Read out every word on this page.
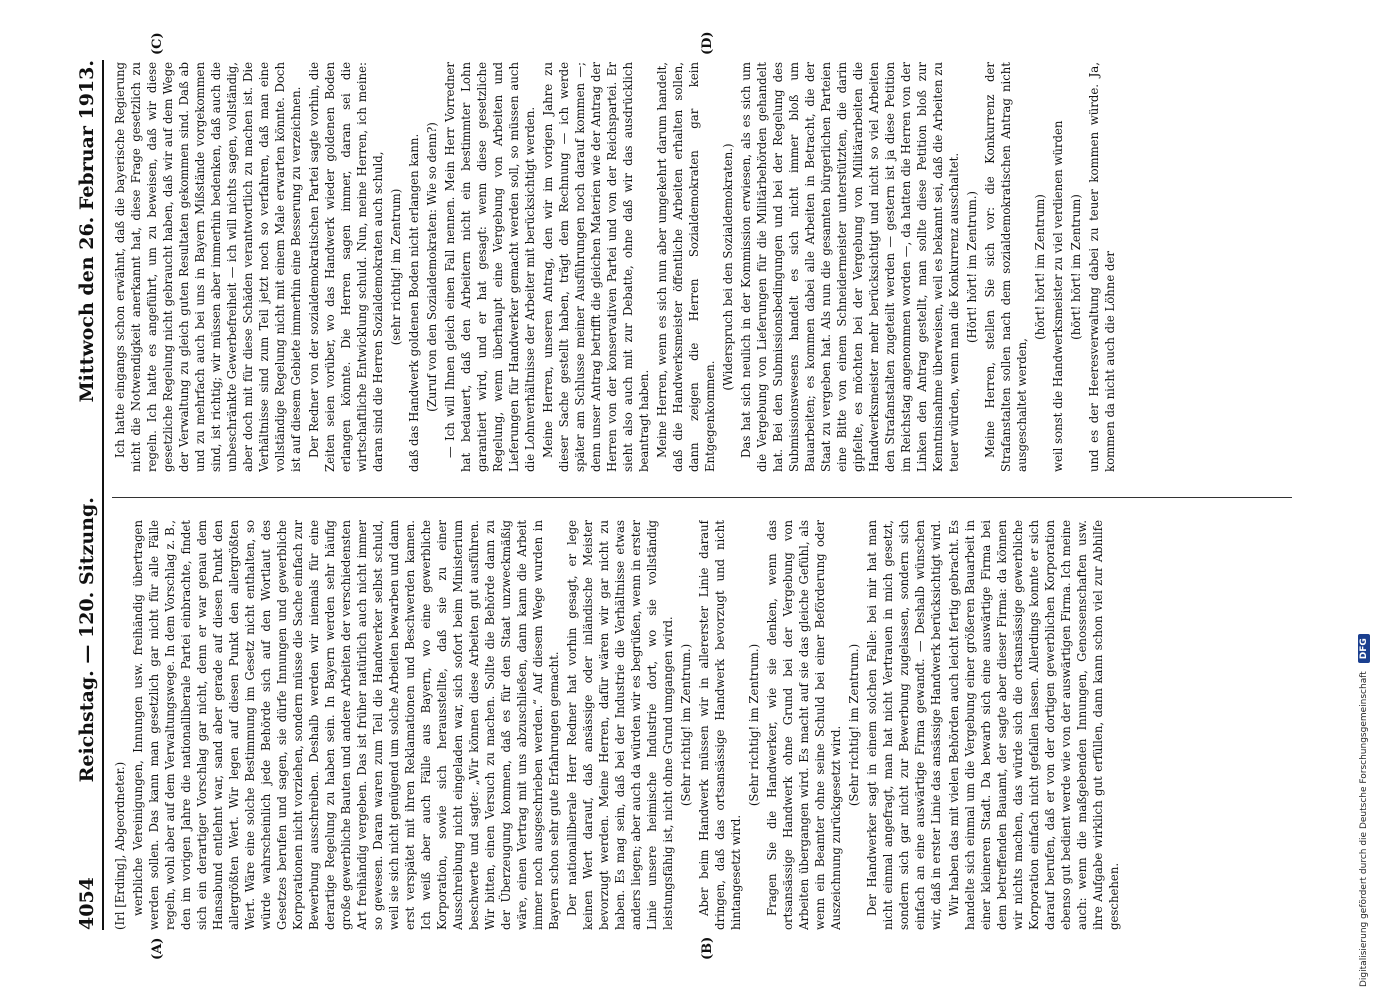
4054
Reichstag. — 120. Sitzung.
Mittwoch den 26. Februar 1913.
(A)	(B)
(C)	(D)

(Irl [Erding], Abgeordneter.) werbliche Vereinigungen, Innungen usw. freihändig übertragen werden sollen. Das kann man gesetzlich gar nicht für alle Fälle regeln, wohl aber auf dem Verwaltungswege. In dem Vorschlag z. B., den im vorigen Jahre die nationalliberale Partei einbrachte, findet sich ein derartiger Vorschlag gar nicht, denn er war genau dem Hansabund entlehnt war, sand aber gerade auf diesen Punkt den allergrößten Wert. Wir legen auf diesen Punkt den allergrößten Wert. Wäre eine solche Bestimmung im Gesetz nicht enthalten, so würde wahrscheinlich jede Behörde sich auf den Wortlaut des Gesetzes berufen und sagen, sie dürfe Innungen und gewerbliche Korporationen nicht vorziehen, sondern müsse die Sache einfach zur Bewerbung ausschreiben. Deshalb werden wir niemals für eine derartige Regelung zu haben sein. In Bayern werden sehr häufig große gewerbliche Bauten und andere Arbeiten der verschiedensten Art freihändig vergeben. Das ist früher natürlich auch nicht immer so gewesen. Daran waren zum Teil die Handwerker selbst schuld, weil sie sich nicht genügend um solche Arbeiten bewarben und dann erst verspätet mit ihren Reklamationen und Beschwerden kamen. Ich weiß aber auch Fälle aus Bayern, wo eine gewerbliche Korporation, sowie sich herausstellte, daß sie zu einer Ausschreibung nicht eingeladen war, sich sofort beim Ministerium beschwerte und sagte: „Wir können diese Arbeiten gut ausführen. Wir bitten, einen Versuch zu machen. Sollte die Behörde dann zu der Überzeugung kommen, daß es für den Staat unzweckmäßig wäre, einen Vertrag mit uns abzuschließen, dann kann die Arbeit immer noch ausgeschrieben werden.“ Auf diesem Wege wurden in Bayern schon sehr gute Erfahrungen gemacht. Der nationalliberale Herr Redner hat vorhin gesagt, er lege keinen Wert darauf, daß ansässige oder inländische Meister bevorzugt werden. Meine Herren, dafür wären wir gar nicht zu haben. Es mag sein, daß bei der Industrie die Verhältnisse etwas anders liegen; aber auch da würden wir es begrüßen, wenn in erster Linie unsere heimische Industrie dort, wo sie vollständig leistungsfähig ist, nicht ohne Grund umgangen wird. (Sehr richtig! im Zentrum.) Aber beim Handwerk müssen wir in allererster Linie darauf dringen, daß das ortsansässige Handwerk bevorzugt und nicht hintangesetzt wird.

(Sehr richtig! im Zentrum.) Fragen Sie die Handwerker, wie sie denken, wenn das ortsansässige Handwerk ohne Grund bei der Vergebung von Arbeiten übergangen wird. Es macht auf sie das gleiche Gefühl, als wenn ein Beamter ohne seine Schuld bei einer Beförderung oder Auszeichnung zurückgesetzt wird.

(Sehr richtig! im Zentrum.) Der Handwerker sagt in einem solchen Falle: bei mir hat man nicht einmal angefragt, man hat nicht Vertrauen in mich gesetzt, sondern sich gar nicht zur Bewerbung zugelassen, sondern sich einfach an eine auswärtige Firma gewandt. — Deshalb wünschen wir, daß in erster Linie das ansässige Handwerk berücksichtigt wird. Wir haben das mit vielen Behörden auch leicht fertig gebracht. Es handelte sich einmal um die Vergebung einer größeren Bauarbeit in einer kleineren Stadt. Da bewarb sich eine auswärtige Firma bei dem betreffenden Bauamt, der sagte aber dieser Firma: da können wir nichts machen, das würde sich die ortsansässige gewerbliche Korporation einfach nicht gefallen lassen. Allerdings konnte er sich darauf berufen, daß er von der dortigen gewerblichen Korporation ebenso gut bedient werde wie von der auswärtigen Firma. Ich meine auch: wenn die maßgebenden Innungen, Genossenschaften usw. ihre Aufgabe wirklich gut erfüllen, dann kann schon viel zur Abhilfe geschehen.

Ich hatte eingangs schon erwähnt, daß die bayerische Regierung nicht die Notwendigkeit anerkannt hat, diese Frage gesetzlich zu regeln. Ich hatte es angeführt, um zu beweisen, daß wir diese gesetzliche Regelung nicht gebraucht haben, daß wir auf dem Wege der Verwaltung zu gleich guten Resultaten gekommen sind. Daß ab und zu mehrfach auch bei uns in Bayern Mißstände vorgekommen sind, ist richtig; wir müssen aber immerhin bedenken, daß auch die unbeschränkte Gewerbefreiheit — ich will nichts sagen, vollständig, aber doch mit für diese Schäden verantwortlich zu machen ist. Die Verhältnisse sind zum Teil jetzt noch so verfahren, daß man eine vollständige Regelung nicht mit einem Male erwarten könnte. Doch ist auf diesem Gebiete immerhin eine Besserung zu verzeichnen. Der Redner von der sozialdemokratischen Partei sagte vorhin, die Zeiten seien vorüber, wo das Handwerk wieder goldenen Boden erlangen könnte. Die Herren sagen immer, daran sei die wirtschaftliche Entwicklung schuld. Nun, meine Herren, ich meine: daran sind die Herren Sozialdemokraten auch schuld, (sehr richtig! im Zentrum) daß das Handwerk goldenen Boden nicht erlangen kann. (Zuruf von den Sozialdemokraten: Wie so denn?) — Ich will Ihnen gleich einen Fall nennen. Mein Herr Vorredner hat bedauert, daß den Arbeitern nicht ein bestimmter Lohn garantiert wird, und er hat gesagt: wenn diese gesetzliche Regelung, wenn überhaupt eine Vergebung von Arbeiten und Lieferungen für Handwerker gemacht werden soll, so müssen auch die Lohnverhältnisse der Arbeiter mit berücksichtigt werden. Meine Herren, unseren Antrag, den wir im vorigen Jahre zu dieser Sache gestellt haben, trägt dem Rechnung — ich werde später am Schlusse meiner Ausführungen noch darauf kommen —; denn unser Antrag betrifft die gleichen Materien wie der Antrag der Herren von der konservativen Partei und von der Reichspartei. Er sieht also auch mit zur Debatte, ohne daß wir das ausdrücklich beantragt haben. Meine Herren, wenn es sich nun aber umgekehrt darum handelt, daß die Handwerksmeister öffentliche Arbeiten erhalten sollen, dann zeigen die Herren Sozialdemokraten gar kein Entgegenkommen.

(Widerspruch bei den Sozialdemokraten.) Das hat sich neulich in der Kommission erwiesen, als es sich um die Vergebung von Lieferungen für die Militärbehörden gehandelt hat. Bei den Submissionsbedingungen und bei der Regelung des Submissionswesens handelt es sich nicht immer bloß um Bauarbeiten; es kommen dabei alle Arbeiten in Betracht, die der Staat zu vergeben hat. Als nun die gesamten bürgerlichen Parteien eine Bitte von einem Schneidermeister unterstützten, die darin gipfelte, es möchten bei der Vergebung von Militärarbeiten die Handwerksmeister mehr berücksichtigt und nicht so viel Arbeiten den Strafanstalten zugeteilt werden — gestern ist ja diese Petition im Reichstag angenommen worden —, da hatten die Herren von der Linken den Antrag gestellt, man sollte diese Petition bloß zur Kenntnisnahme überweisen, weil es bekannt sei, daß die Arbeiten zu teuer würden, wenn man die Konkurrenz ausschaltet. (Hört! hört! im Zentrum.) Meine Herren, stellen Sie sich vor: die Konkurrenz der Strafanstalten sollen nach dem sozialdemokratischen Antrag nicht ausgeschaltet werden,

(hört! hört! im Zentrum) weil sonst die Handwerksmeister zu viel verdienen würden (hört! hört! im Zentrum) und es der Heeresverwaltung dabei zu teuer kommen würde. Ja, kommen da nicht auch die Löhne der

Digitalisierung gefördert durch die Deutsche Forschungsgemeinschaft
DFG
